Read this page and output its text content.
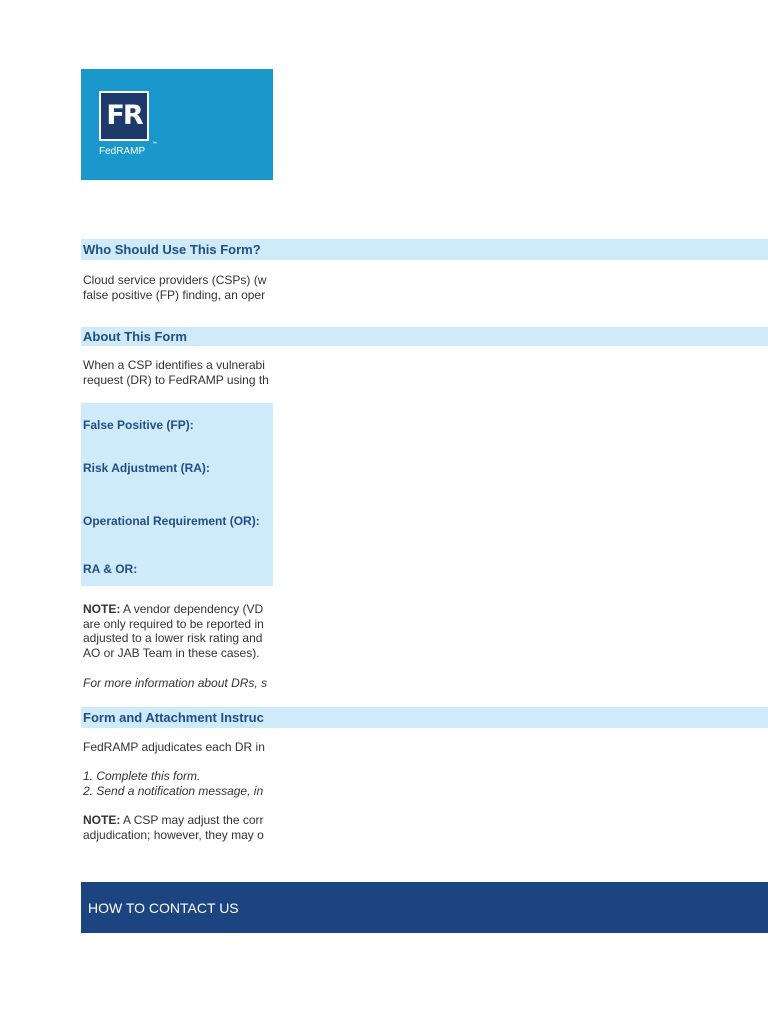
FR
™
FedRAMP
Who Should Use This Form?
Cloud service providers (CSPs) (w
false positive (FP) finding, an oper
About This Form
When a CSP identifies a vulnerabi
request (DR) to FedRAMP using th
False Positive (FP):
Risk Adjustment (RA):
Operational Requirement (OR):
RA & OR:
NOTE: A vendor dependency (VD
are only required to be reported in
adjusted to a lower risk rating and
AO or JAB Team in these cases).
For more information about DRs, s
Form and Attachment Instruc
FedRAMP adjudicates each DR in
1. Complete this form.
2. Send a notification message, in
NOTE: A CSP may adjust the corr
adjudication; however, they may o
HOW TO CONTACT US
